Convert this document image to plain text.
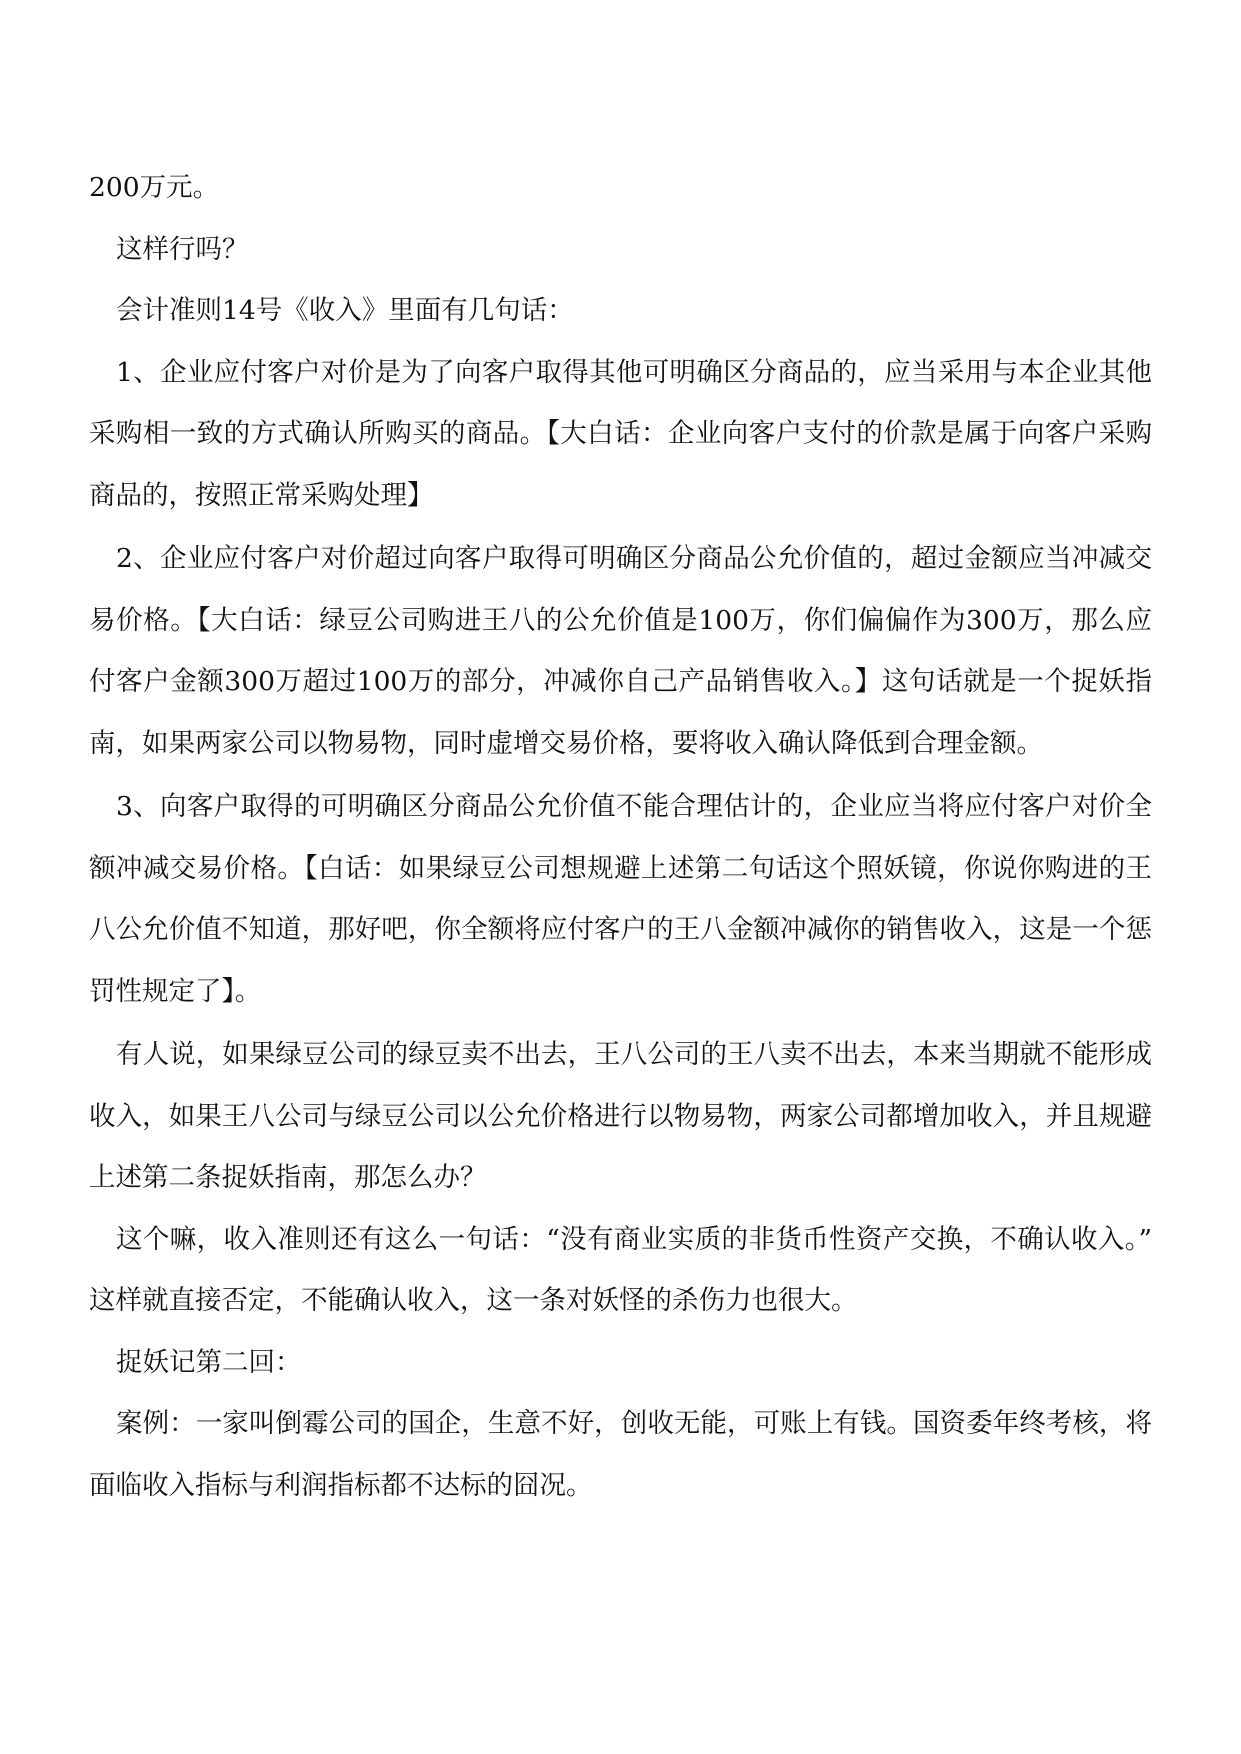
200万元。

这样行吗？

会计准则14号《收入》里面有几句话：

1、企业应付客户对价是为了向客户取得其他可明确区分商品的，应当采用与本企业其他采购相一致的方式确认所购买的商品。【大白话：企业向客户支付的价款是属于向客户采购商品的，按照正常采购处理】

2、企业应付客户对价超过向客户取得可明确区分商品公允价值的，超过金额应当冲减交易价格。【大白话：绿豆公司购进王八的公允价值是100万，你们偏偏作为300万，那么应付客户金额300万超过100万的部分，冲减你自己产品销售收入。】这句话就是一个捉妖指南，如果两家公司以物易物，同时虚增交易价格，要将收入确认降低到合理金额。

3、向客户取得的可明确区分商品公允价值不能合理估计的，企业应当将应付客户对价全额冲减交易价格。【白话：如果绿豆公司想规避上述第二句话这个照妖镜，你说你购进的王八公允价值不知道，那好吧，你全额将应付客户的王八金额冲减你的销售收入，这是一个惩罚性规定了】。

有人说，如果绿豆公司的绿豆卖不出去，王八公司的王八卖不出去，本来当期就不能形成收入，如果王八公司与绿豆公司以公允价格进行以物易物，两家公司都增加收入，并且规避上述第二条捉妖指南，那怎么办？

这个嘛，收入准则还有这么一句话：“没有商业实质的非货币性资产交换，不确认收入。”这样就直接否定，不能确认收入，这一条对妖怪的杀伤力也很大。

捉妖记第二回：

案例：一家叫倒霉公司的国企，生意不好，创收无能，可账上有钱。国资委年终考核，将面临收入指标与利润指标都不达标的囧况。
